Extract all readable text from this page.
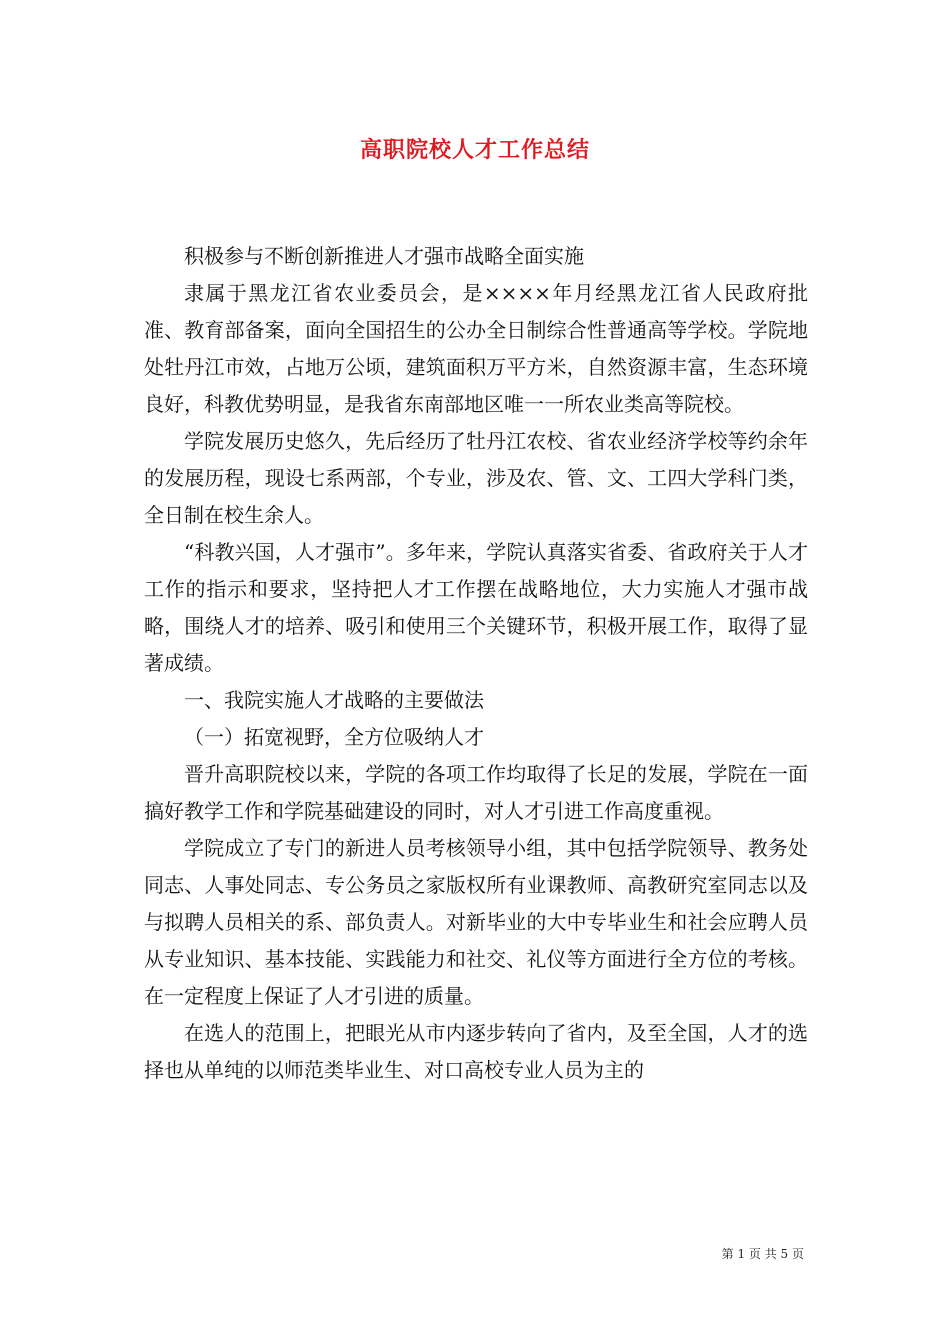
高职院校人才工作总结

积极参与不断创新推进人才强市战略全面实施

隶属于黑龙江省农业委员会，是××××年月经黑龙江省人民政府批准、教育部备案，面向全国招生的公办全日制综合性普通高等学校。学院地处牡丹江市效，占地万公顷，建筑面积万平方米，自然资源丰富，生态环境良好，科教优势明显，是我省东南部地区唯一一所农业类高等院校。

学院发展历史悠久，先后经历了牡丹江农校、省农业经济学校等约余年的发展历程，现设七系两部，个专业，涉及农、管、文、工四大学科门类，全日制在校生余人。

“科教兴国，人才强市”。多年来，学院认真落实省委、省政府关于人才工作的指示和要求，坚持把人才工作摆在战略地位，大力实施人才强市战略，围绕人才的培养、吸引和使用三个关键环节，积极开展工作，取得了显著成绩。

一、我院实施人才战略的主要做法

（一）拓宽视野，全方位吸纳人才

晋升高职院校以来，学院的各项工作均取得了长足的发展，学院在一面搞好教学工作和学院基础建设的同时，对人才引进工作高度重视。

学院成立了专门的新进人员考核领导小组，其中包括学院领导、教务处同志、人事处同志、专公务员之家版权所有业课教师、高教研究室同志以及与拟聘人员相关的系、部负责人。对新毕业的大中专毕业生和社会应聘人员从专业知识、基本技能、实践能力和社交、礼仪等方面进行全方位的考核。在一定程度上保证了人才引进的质量。

在选人的范围上，把眼光从市内逐步转向了省内，及至全国，人才的选择也从单纯的以师范类毕业生、对口高校专业人员为主的

第 1 页 共 5 页
